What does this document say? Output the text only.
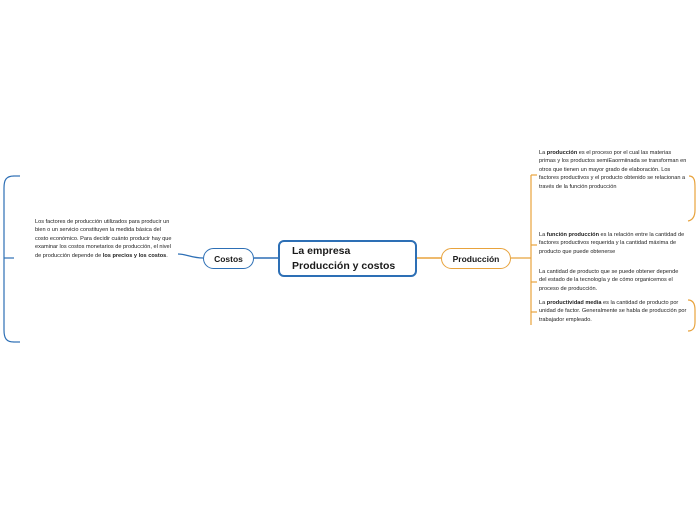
La empresa
Producción y costos
Costos	Producción
Los factores de producción utilizados para producir un bien o un servicio constituyen la medida básica del costo económico. Para decidir cuánto producir hay que examinar los costos monetarios de producción, el nivel de producción depende de los precios y los costos.
La producción es el proceso por el cual las materias primas y los productos semiEaormiinada se transforman en otros que tienen un mayor grado de elaboración. Los factores productivos y el producto obtenido se relacionan a través de la función producción
La función producción es la relación entre la cantidad de factores productivos requerida y la cantidad máxima de producto que puede obtenerse
La cantidad de producto que se puede obtener depende del estado de la tecnología y de cómo organicemos el proceso de producción.
La productividad media es la cantidad de producto por unidad de factor. Generalmente se habla de producción por trabajador empleado.
